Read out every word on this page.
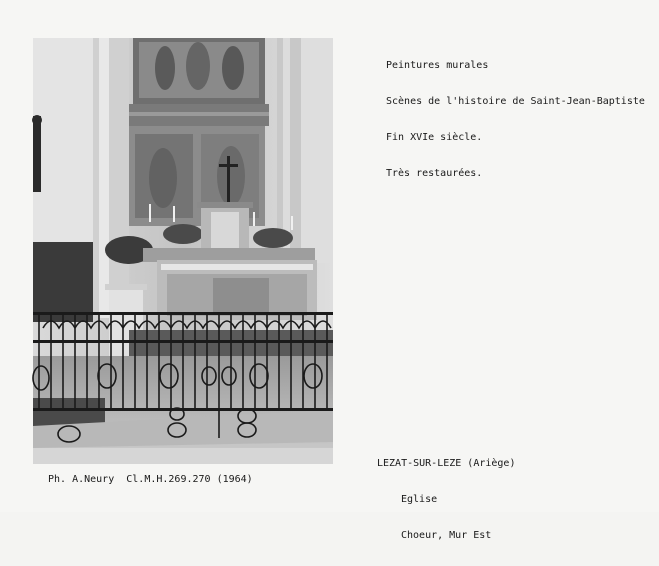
Peintures murales

Scènes de l'histoire de Saint-Jean-Baptiste

Fin XVIe siècle.

Très restaurées.

LEZAT-SUR-LEZE (Ariège)

Eglise

Choeur, Mur Est

Ph. A.Neury  Cl.M.H.269.270 (1964)
